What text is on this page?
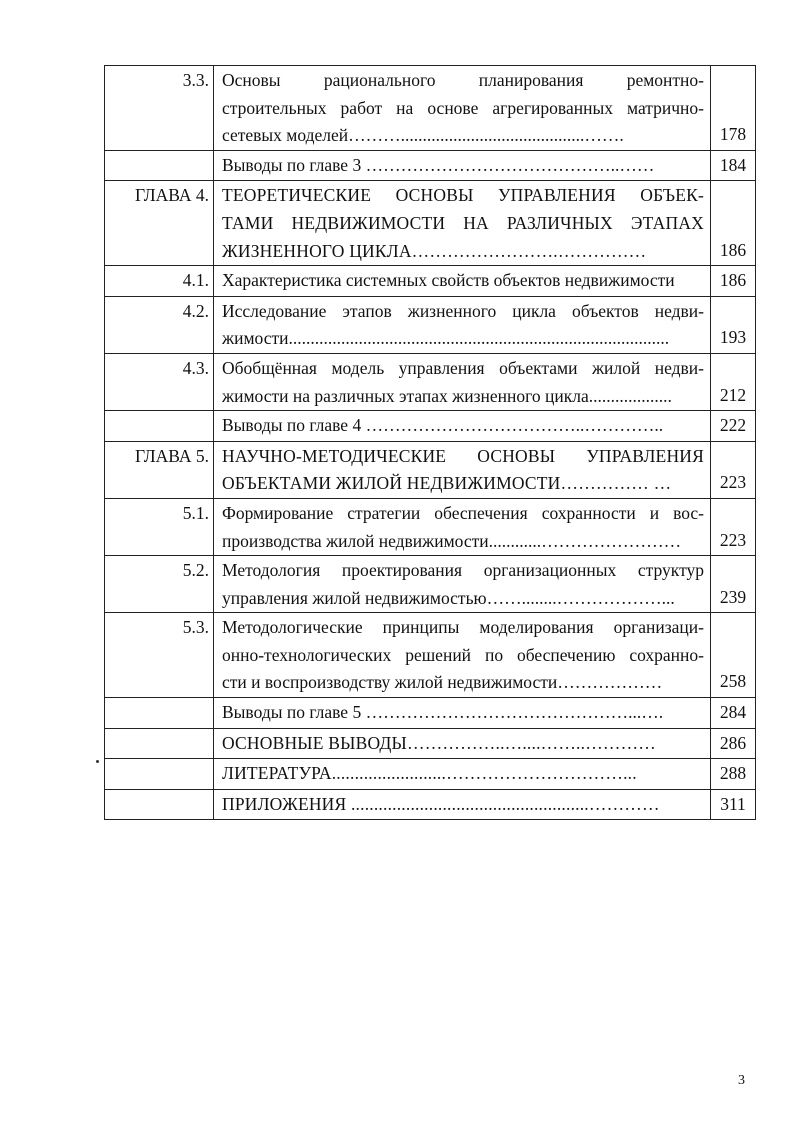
3.3.	Основы рационального планирования ремонтно-
строительных работ на основе агрегированных матрично-
сетевых моделей………..........................................…….	178

	Выводы по главе 3 ……………………………………..……	184
ГЛАВА 4.	ТЕОРЕТИЧЕСКИЕ ОСНОВЫ УПРАВЛЕНИЯ ОБЪЕК-
ТАМИ НЕДВИЖИМОСТИ НА РАЗЛИЧНЫХ ЭТАПАХ
ЖИЗНЕННОГО ЦИКЛА…………………….……………	186
4.1.	Характеристика системных свойств объектов недвижимости	186
4.2.	Исследование этапов жизненного цикла объектов недви-
жимости.......................................................................................	193
4.3.	Обобщённая модель управления объектами жилой недви-
жимости на различных этапах жизненного цикла...................	212

	Выводы по главе 4 ………………………………..…………..	222
ГЛАВА 5.	НАУЧНО-МЕТОДИЧЕСКИЕ ОСНОВЫ УПРАВЛЕНИЯ
ОБЪЕКТАМИ ЖИЛОЙ НЕДВИЖИМОСТИ…………… …	223
5.1.	Формирование стратегии обеспечения сохранности и вос-
производства жилой недвижимости............……………………	223
5.2.	Методология проектирования организационных структур
управления жилой недвижимостью……........………………...	239
5.3.	Методологические принципы моделирования организаци-
онно-технологических решений по обеспечению сохранно-
сти и воспроизводству жилой недвижимости………………	258

	Выводы по главе 5 ………………………………………...….	284

	ОСНОВНЫЕ ВЫВОДЫ……………..…....……..…………	286

	ЛИТЕРАТУРА.........................…………………………...	288

	ПРИЛОЖЕНИЯ ....................................................…………	311
3
